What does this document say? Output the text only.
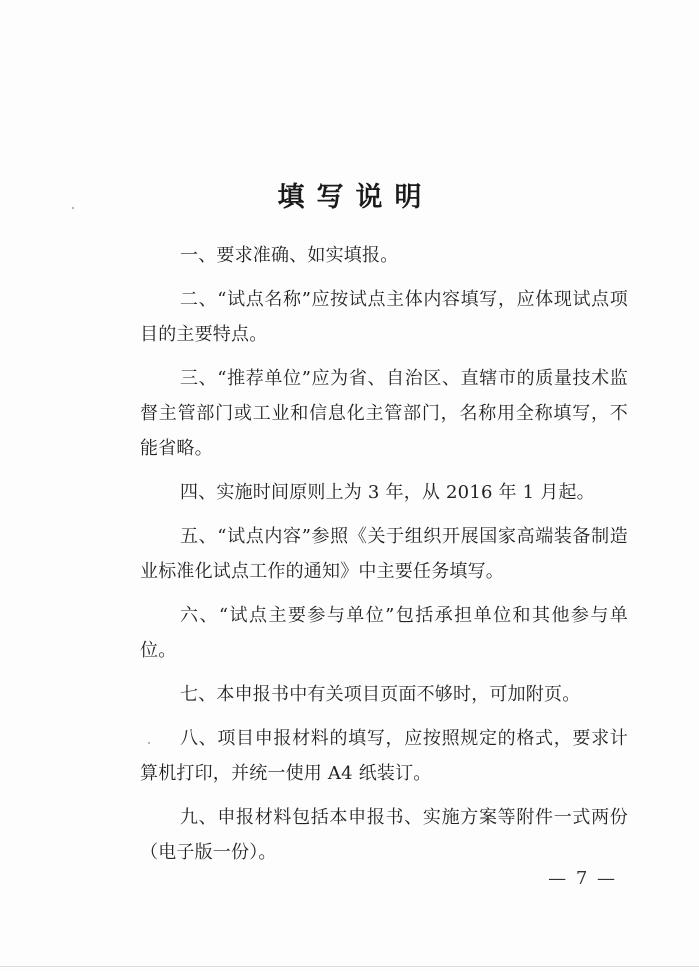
填写说明

一、要求准确、如实填报。

二、“试点名称”应按试点主体内容填写，应体现试点项目的主要特点。

三、“推荐单位”应为省、自治区、直辖市的质量技术监督主管部门或工业和信息化主管部门，名称用全称填写，不能省略。

四、实施时间原则上为 3 年，从 2016 年 1 月起。

五、“试点内容”参照《关于组织开展国家高端装备制造业标准化试点工作的通知》中主要任务填写。

六、“试点主要参与单位”包括承担单位和其他参与单位。

七、本申报书中有关项目页面不够时，可加附页。

八、项目申报材料的填写，应按照规定的格式，要求计算机打印，并统一使用 A4 纸装订。

九、申报材料包括本申报书、实施方案等附件一式两份（电子版一份）。

— 7 —
